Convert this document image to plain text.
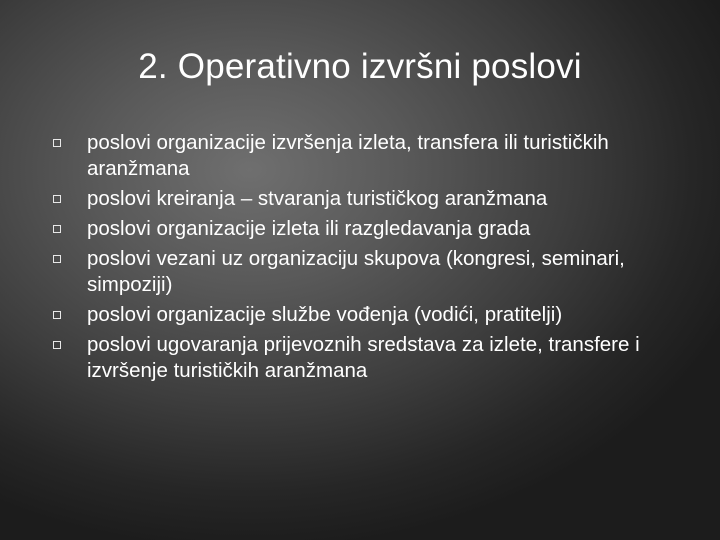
2. Operativno izvršni poslovi
poslovi organizacije izvršenja izleta, transfera ili turističkih aranžmana
poslovi kreiranja – stvaranja turističkog aranžmana
poslovi organizacije izleta ili razgledavanja grada
poslovi vezani uz organizaciju skupova (kongresi, seminari, simpoziji)
poslovi organizacije službe vođenja (vodići, pratitelji)
poslovi ugovaranja prijevoznih sredstava za izlete, transfere i izvršenje turističkih aranžmana
